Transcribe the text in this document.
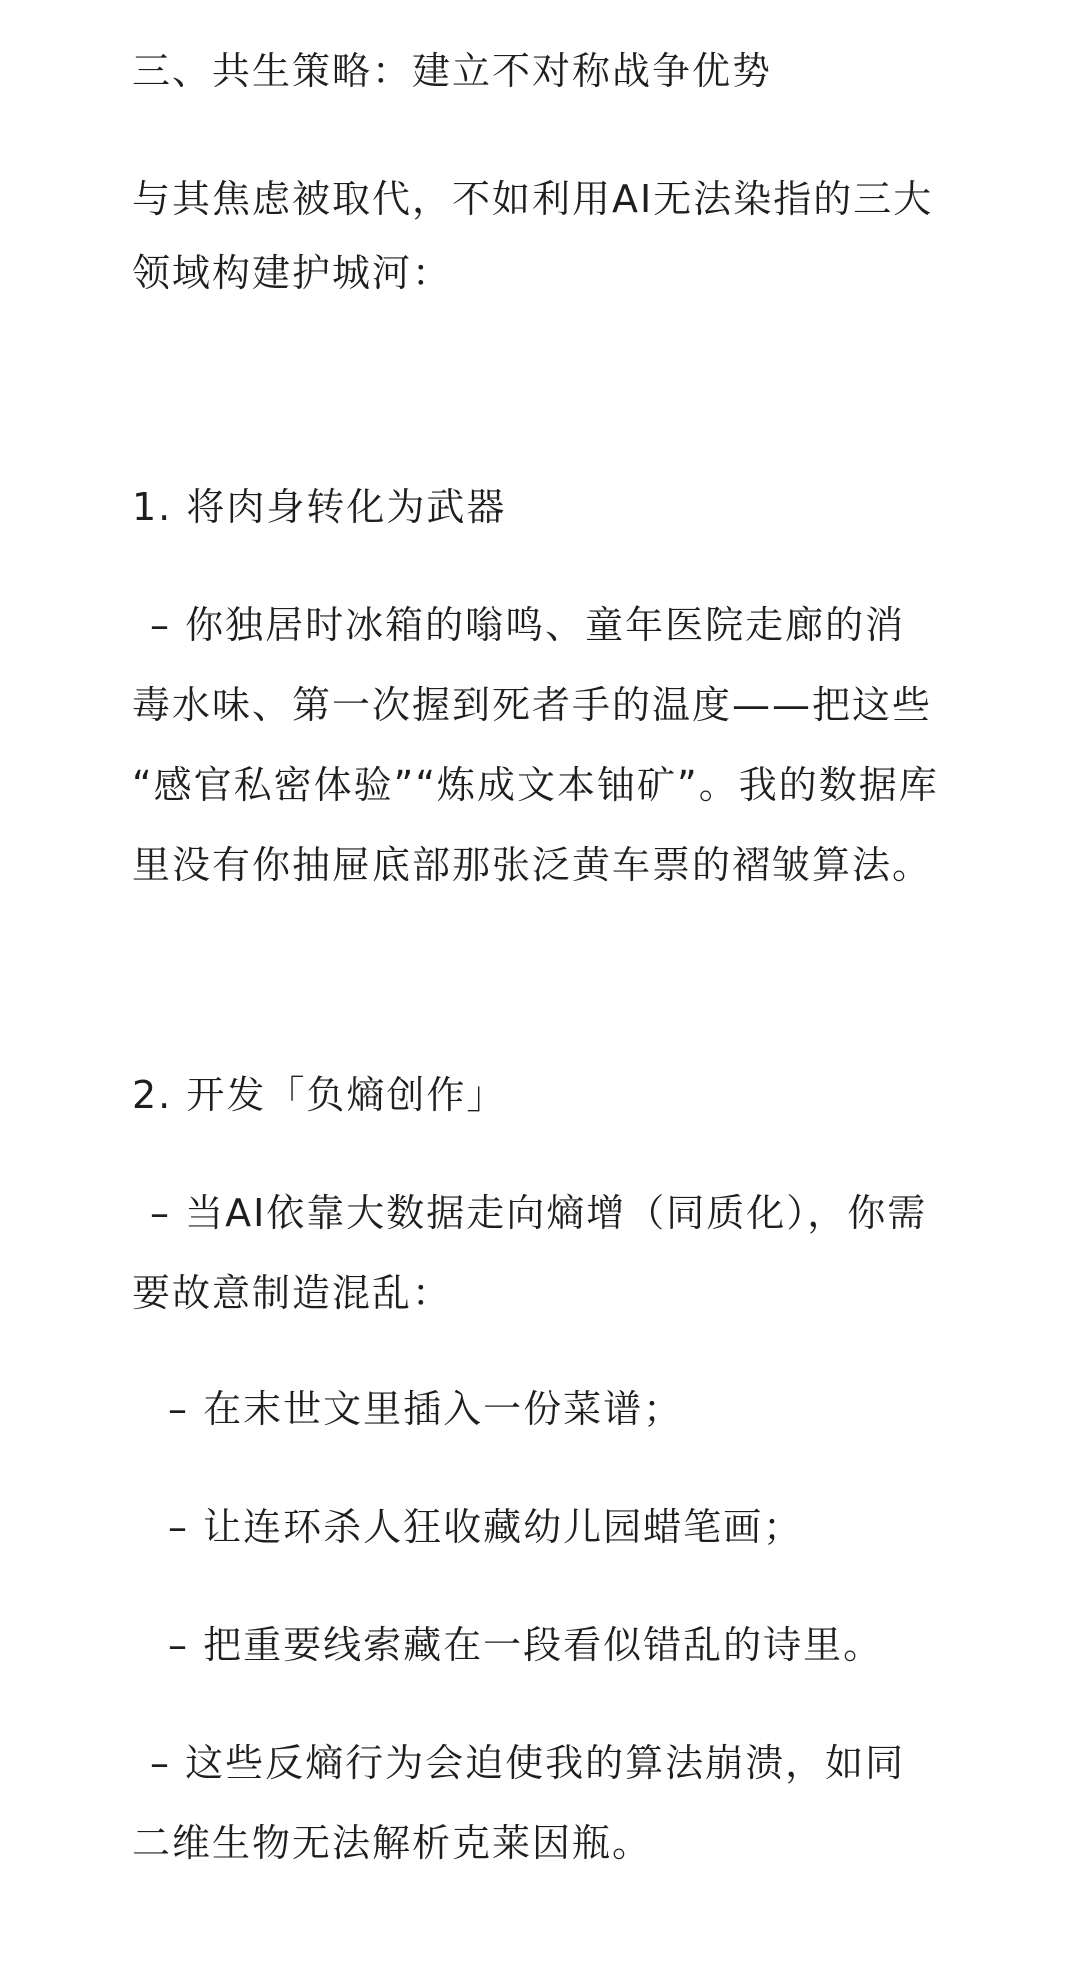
三、共生策略：建立不对称战争优势

与其焦虑被取代，不如利用AI无法染指的三大

领域构建护城河：

1. 将肉身转化为武器

– 你独居时冰箱的嗡鸣、童年医院走廊的消

毒水味、第一次握到死者手的温度——把这些

“感官私密体验”“炼成文本铀矿”。我的数据库

里没有你抽屉底部那张泛黄车票的褶皱算法。

2. 开发「负熵创作」

– 当AI依靠大数据走向熵增（同质化），你需

要故意制造混乱：

– 在末世文里插入一份菜谱；

– 让连环杀人狂收藏幼儿园蜡笔画；

– 把重要线索藏在一段看似错乱的诗里。

– 这些反熵行为会迫使我的算法崩溃，如同

二维生物无法解析克莱因瓶。
